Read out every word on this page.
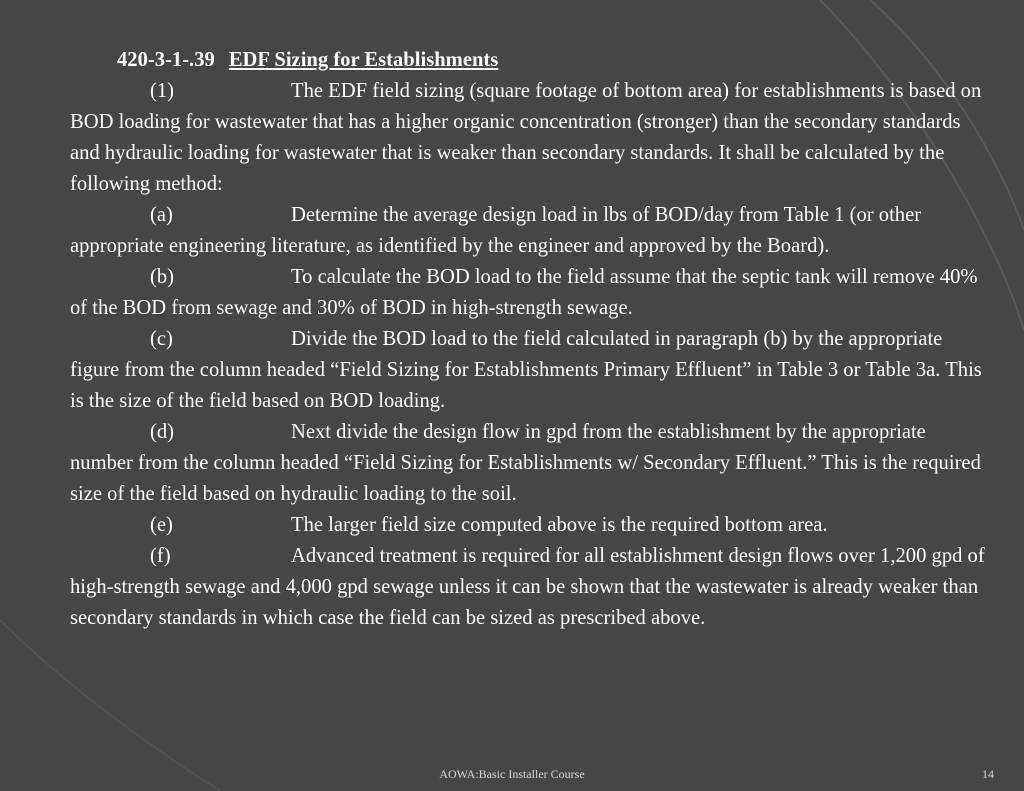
420-3-1-.39 EDF Sizing for Establishments

(1)	The EDF field sizing (square footage of bottom area) for establishments is based on BOD loading for wastewater that has a higher organic concentration (stronger) than the secondary standards and hydraulic loading for wastewater that is weaker than secondary standards. It shall be calculated by the following method:

(a)	Determine the average design load in lbs of BOD/day from Table 1 (or other appropriate engineering literature, as identified by the engineer and approved by the Board).

(b)	To calculate the BOD load to the field assume that the septic tank will remove 40% of the BOD from sewage and 30% of BOD in high-strength sewage.

(c)	Divide the BOD load to the field calculated in paragraph (b) by the appropriate figure from the column headed “Field Sizing for Establishments Primary Effluent” in Table 3 or Table 3a. This is the size of the field based on BOD loading.

(d)	Next divide the design flow in gpd from the establishment by the appropriate number from the column headed “Field Sizing for Establishments w/ Secondary Effluent.” This is the required size of the field based on hydraulic loading to the soil.

(e)	The larger field size computed above is the required bottom area.

(f)	Advanced treatment is required for all establishment design flows over 1,200 gpd of high-strength sewage and 4,000 gpd sewage unless it can be shown that the wastewater is already weaker than secondary standards in which case the field can be sized as prescribed above.

AOWA:Basic Installer Course	14
